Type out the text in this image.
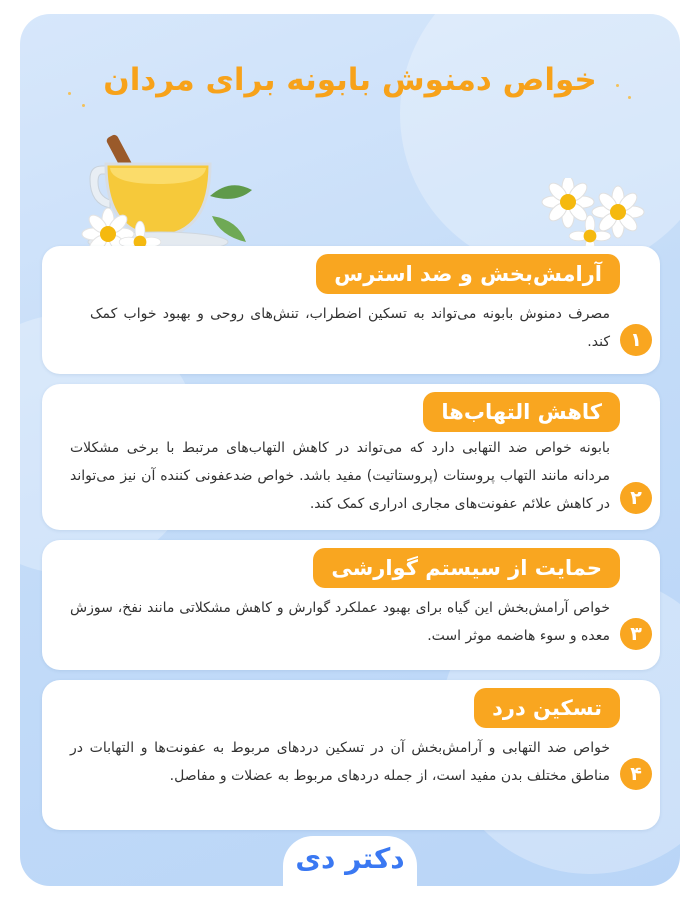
خواص دمنوش بابونه برای مردان
آرامش‌بخش و ضد استرس
مصرف دمنوش بابونه می‌تواند به تسکین اضطراب، تنش‌های روحی و بهبود خواب کمک کند.	۱
کاهش التهاب‌ها
بابونه خواص ضد التهابی دارد که می‌تواند در کاهش التهاب‌های مرتبط با برخی مشکلات مردانه مانند التهاب پروستات (پروستاتیت) مفید باشد. خواص ضدعفونی کننده آن نیز می‌تواند در کاهش علائم عفونت‌های مجاری ادراری کمک کند.	۲
حمایت از سیستم گوارشی
خواص آرامش‌بخش این گیاه برای بهبود عملکرد گوارش و کاهش مشکلاتی مانند نفخ، سوزش معده و سوء هاضمه موثر است.	۳
تسکین درد
خواص ضد التهابی و آرامش‌بخش آن در تسکین دردهای مربوط به عفونت‌ها و التهابات در مناطق مختلف بدن مفید است، از جمله دردهای مربوط به عضلات و مفاصل.	۴
دکتر دی
